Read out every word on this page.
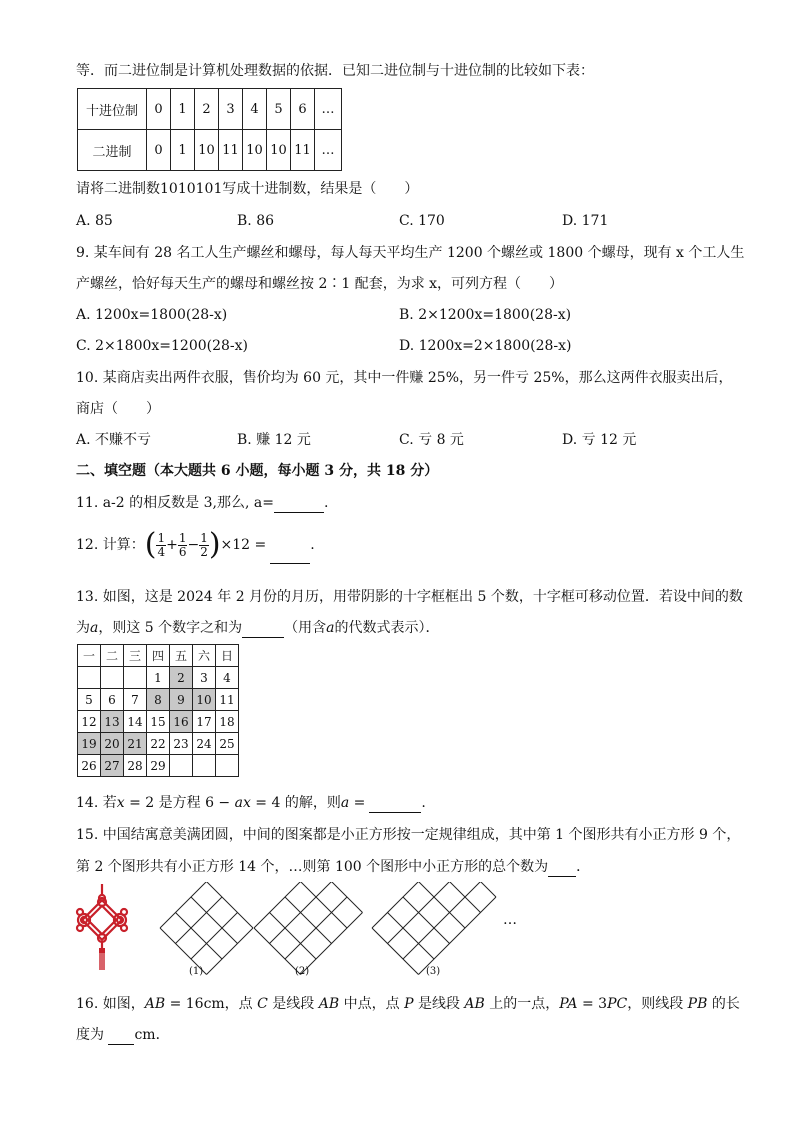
等．而二进位制是计算机处理数据的依据．已知二进位制与十进位制的比较如下表：
十进位制	0	1	2	3	4	5	6	…
二进制	0	1	10	11	10	10	11	…
请将二进制数1010101写成十进制数，结果是（　　）
A. 85	B. 86	C. 170	D. 171
9. 某车间有 28 名工人生产螺丝和螺母，每人每天平均生产 1200 个螺丝或 1800 个螺母，现有 x 个工人生
产螺丝，恰好每天生产的螺母和螺丝按 2∶1 配套，为求 x，可列方程（　　）
A. 1200x=1800(28-x)	B. 2×1200x=1800(28-x)
C. 2×1800x=1200(28-x)	D. 1200x=2×1800(28-x)
10. 某商店卖出两件衣服，售价均为 60 元，其中一件赚 25%，另一件亏 25%，那么这两件衣服卖出后，
商店（　　）
A. 不赚不亏	B. 赚 12 元	C. 亏 8 元	D. 亏 12 元
二、填空题（本大题共 6 小题，每小题 3 分，共 18 分）
11. a-2 的相反数是 3,那么, a=	.
12. 计算：( $\frac{1}{4} + \frac{1}{6} - \frac{1}{2} )\times 12$ =	.
13. 如图，这是 2024 年 2 月份的月历，用带阴影的十字框框出 5 个数，十字框可移动位置．若设中间的数
为a，则这 5 个数字之和为	（用含a的代数式表示）．
一	二	三	四	五	六	日
			1	2	3	4
5	6	7	8	9	10	11
12	13	14	15	16	17	18
19	20	21	22	23	24	25
26	27	28	29			
14. 若x = 2 是方程 6 − ax = 4 的解，则a =	.
15. 中国结寓意美满团圆，中间的图案都是小正方形按一定规律组成，其中第 1 个图形共有小正方形 9 个，
第 2 个图形共有小正方形 14 个，…则第 100 个图形中小正方形的总个数为 ．
(1)	(2)	(3)
…
16. 如图，AB = 16cm，点 C 是线段 AB 中点，点 P 是线段 AB 上的一点，PA = 3PC，则线段 PB 的长
度为  cm．
